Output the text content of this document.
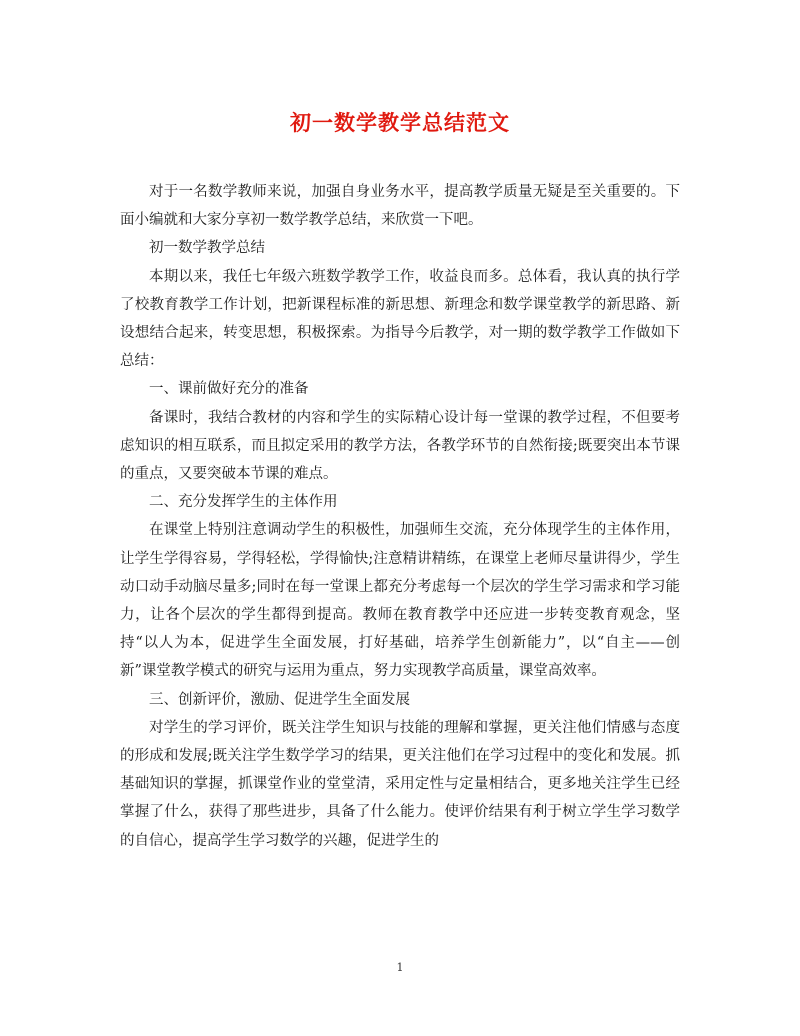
初一数学教学总结范文

对于一名数学教师来说，加强自身业务水平，提高教学质量无疑是至关重要的。下面小编就和大家分享初一数学教学总结，来欣赏一下吧。

初一数学教学总结

本期以来，我任七年级六班数学教学工作，收益良而多。总体看，我认真的执行学了校教育教学工作计划，把新课程标准的新思想、新理念和数学课堂教学的新思路、新设想结合起来，转变思想，积极探索。为指导今后教学，对一期的数学教学工作做如下总结：

一、课前做好充分的准备

备课时，我结合教材的内容和学生的实际精心设计每一堂课的教学过程，不但要考虑知识的相互联系，而且拟定采用的教学方法，各教学环节的自然衔接;既要突出本节课的重点，又要突破本节课的难点。

二、充分发挥学生的主体作用

在课堂上特别注意调动学生的积极性，加强师生交流，充分体现学生的主体作用，让学生学得容易，学得轻松，学得愉快;注意精讲精练，在课堂上老师尽量讲得少，学生动口动手动脑尽量多;同时在每一堂课上都充分考虑每一个层次的学生学习需求和学习能力，让各个层次的学生都得到提高。教师在教育教学中还应进一步转变教育观念，坚持“以人为本，促进学生全面发展，打好基础，培养学生创新能力”，以“自主——创新”课堂教学模式的研究与运用为重点，努力实现教学高质量，课堂高效率。

三、创新评价，激励、促进学生全面发展

对学生的学习评价，既关注学生知识与技能的理解和掌握，更关注他们情感与态度的形成和发展;既关注学生数学学习的结果，更关注他们在学习过程中的变化和发展。抓基础知识的掌握，抓课堂作业的堂堂清，采用定性与定量相结合，更多地关注学生已经掌握了什么，获得了那些进步，具备了什么能力。使评价结果有利于树立学生学习数学的自信心，提高学生学习数学的兴趣，促进学生的

1
